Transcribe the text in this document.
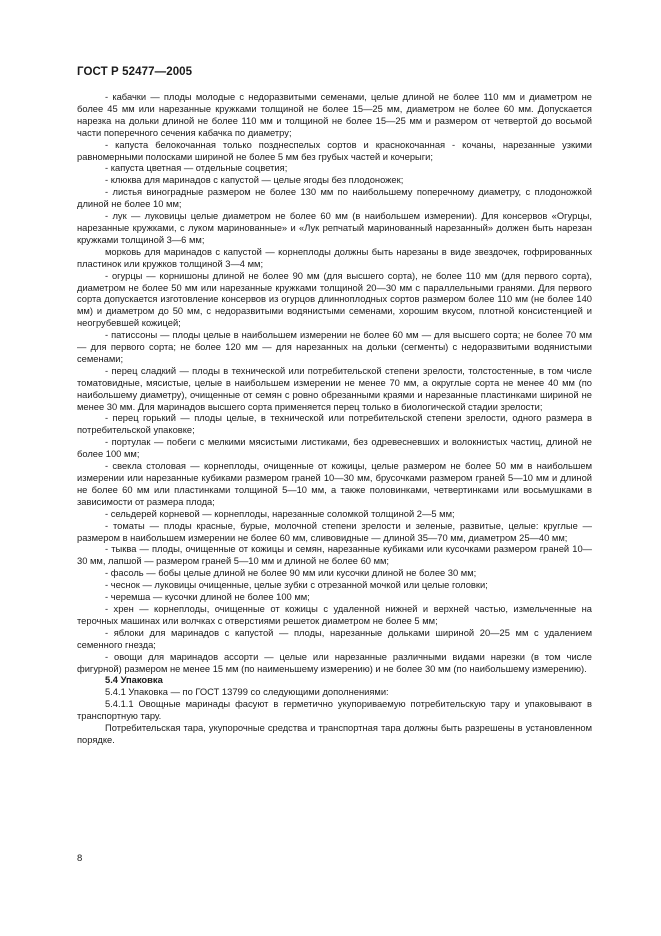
ГОСТ Р 52477—2005

- кабачки — плоды молодые с недоразвитыми семенами, целые длиной не более 110 мм и диаметром не более 45 мм или нарезанные кружками толщиной не более 15—25 мм, диаметром не более 60 мм. Допускается нарезка на дольки длиной не более 110 мм и толщиной не более 15—25 мм и размером от четвертой до восьмой части поперечного сечения кабачка по диаметру;

- капуста белокочанная только позднеспелых сортов и краснокочанная - кочаны, нарезанные узкими равномерными полосками шириной не более 5 мм без грубых частей и кочерыги;

- капуста цветная — отдельные соцветия;

- клюква для маринадов с капустой — целые ягоды без плодоножек;

- листья виноградные размером не более 130 мм по наибольшему поперечному диаметру, с плодоножкой длиной не более 10 мм;

- лук — луковицы целые диаметром не более 60 мм (в наибольшем измерении). Для консервов «Огурцы, нарезанные кружками, с луком маринованные» и «Лук репчатый маринованный нарезанный» должен быть нарезан кружками толщиной 3—6 мм;

морковь для маринадов с капустой — корнеплоды должны быть нарезаны в виде звездочек, гофрированных пластинок или кружков толщиной 3—4 мм;

- огурцы — корнишоны длиной не более 90 мм (для высшего сорта), не более 110 мм (для первого сорта), диаметром не более 50 мм или нарезанные кружками толщиной 20—30 мм с параллельными гранями. Для первого сорта допускается изготовление консервов из огурцов длинноплодных сортов размером более 110 мм (не более 140 мм) и диаметром до 50 мм, с недоразвитыми водянистыми семенами, хорошим вкусом, плотной консистенцией и неогрубевшей кожицей;

- патиссоны — плоды целые в наибольшем измерении не более 60 мм — для высшего сорта; не более 70 мм — для первого сорта; не более 120 мм — для нарезанных на дольки (сегменты) с недоразвитыми водянистыми семенами;

- перец сладкий — плоды в технической или потребительской степени зрелости, толстостенные, в том числе томатовидные, мясистые, целые в наибольшем измерении не менее 70 мм, а округлые сорта не менее 40 мм (по наибольшему диаметру), очищенные от семян с ровно обрезанными краями и нарезанные пластинками шириной не менее 30 мм. Для маринадов высшего сорта применяется перец только в биологической стадии зрелости;

- перец горький — плоды целые, в технической или потребительской степени зрелости, одного размера в потребительской упаковке;

- портулак — побеги с мелкими мясистыми листиками, без одревесневших и волокнистых частиц, длиной не более 100 мм;

- свекла столовая — корнеплоды, очищенные от кожицы, целые размером не более 50 мм в наибольшем измерении или нарезанные кубиками размером граней 10—30 мм, брусочками размером граней 5—10 мм и длиной не более 60 мм или пластинками толщиной 5—10 мм, а также половинками, четвертинками или восьмушками в зависимости от размера плода;

- сельдерей корневой — корнеплоды, нарезанные соломкой толщиной 2—5 мм;

- томаты — плоды красные, бурые, молочной степени зрелости и зеленые, развитые, целые: круглые — размером в наибольшем измерении не более 60 мм, сливовидные — длиной 35—70 мм, диаметром 25—40 мм;

- тыква — плоды, очищенные от кожицы и семян, нарезанные кубиками или кусочками размером граней 10—30 мм, лапшой — размером граней 5—10 мм и длиной не более 60 мм;

- фасоль — бобы целые длиной не более 90 мм или кусочки длиной не более 30 мм;

- чеснок — луковицы очищенные, целые зубки с отрезанной мочкой или целые головки;

- черемша — кусочки длиной не более 100 мм;

- хрен — корнеплоды, очищенные от кожицы с удаленной нижней и верхней частью, измельченные на терочных машинах или волчках с отверстиями решеток диаметром не более 5 мм;

- яблоки для маринадов с капустой — плоды, нарезанные дольками шириной 20—25 мм с удалением семенного гнезда;

- овощи для маринадов ассорти — целые или нарезанные различными видами нарезки (в том числе фигурной) размером не менее 15 мм (по наименьшему измерению) и не более 30 мм (по наибольшему измерению).

5.4 Упаковка

5.4.1 Упаковка — по ГОСТ 13799 со следующими дополнениями:

5.4.1.1 Овощные маринады фасуют в герметично укупориваемую потребительскую тару и упаковывают в транспортную тару.

Потребительская тара, укупорочные средства и транспортная тара должны быть разрешены в установленном порядке.

8
